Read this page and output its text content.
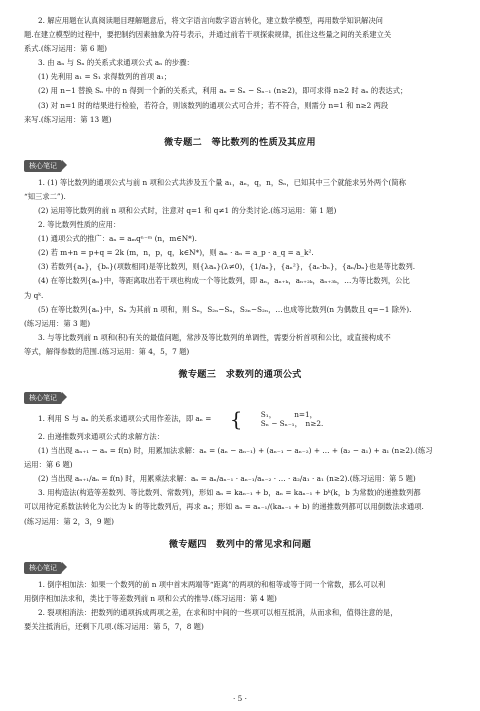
2. 解应用题在认真阅读题目理解题意后，将文字语言向数字语言转化，建立数学模型，再用数学知识解决问

题.在建立模型的过程中，要把制约因素抽象为符号表示，并通过前若干项探索规律，抓住这些量之间的关系建立关

系式.(练习运用：第 6 题)

3. 由 aₙ 与 Sₙ 的关系式求通项公式 aₙ 的步骤：

(1) 先利用 a₁ = S₁ 求得数列的首项 a₁；

(2) 用 n−1 替换 Sₙ 中的 n 得到一个新的关系式，利用 aₙ = Sₙ − Sₙ₋₁ (n≥2)，即可求得 n≥2 时 aₙ 的表达式；

(3) 对 n=1 时的结果进行检验，若符合，则该数列的通项公式可合并；若不符合，则需分 n=1 和 n≥2 两段

来写.(练习运用：第 13 题)

微专题二　等比数列的性质及其应用
核心笔记

1. (1) 等比数列的通项公式与前 n 项和公式共涉及五个量 a₁，aₙ，q，n，Sₙ，已知其中三个就能求另外两个(简称

“知三求二”).

(2) 运用等比数列的前 n 项和公式时，注意对 q=1 和 q≠1 的分类讨论.(练习运用：第 1 题)

2. 等比数列性质的应用：

(1) 通项公式的推广：aₙ = aₘqⁿ⁻ᵐ (n，m∈N*).

(2) 若 m+n = p+q = 2k (m，n，p，q，k∈N*)，则 aₘ · aₙ = a_p · a_q = a_k².

(3) 若数列{aₙ}，{bₙ}(项数相同)是等比数列，则{λaₙ}(λ≠0)，{1/aₙ}，{aₙ²}，{aₙ·bₙ}，{aₙ/bₙ}也是等比数列.

(4) 在等比数列{aₙ}中，等距离取出若干项也构成一个等比数列，即 aₙ，aₙ₊ₖ，aₙ₊₂ₖ，aₙ₊₃ₖ，…为等比数列，公比

为 qᵏ.

(5) 在等比数列{aₙ}中，Sₙ 为其前 n 项和，则 Sₙ，S₂ₙ−Sₙ，S₃ₙ−S₂ₙ，…也成等比数列(n 为偶数且 q=−1 除外).

(练习运用：第 3 题)

3. 与等比数列前 n 项和(积)有关的最值问题，常涉及等比数列的单调性，需要分析首项和公比，或直接构成不

等式，解得参数的范围.(练习运用：第 4，5，7 题)

微专题三　求数列的通项公式
核心笔记
1. 利用 S 与 aₙ 的关系求通项公式用作差法，即 aₙ = {	S₁，　　　n=1，
Sₙ − Sₙ₋₁，　n≥2.

2. 由递推数列求通项公式的求解方法：

(1) 当出现 aₙ₊₁ − aₙ = f(n) 时，用累加法求解：aₙ = (aₙ − aₙ₋₁) + (aₙ₋₁ − aₙ₋₂) + … + (a₂ − a₁) + a₁ (n≥2).(练习

运用：第 6 题)

(2) 当出现 aₙ₊₁/aₙ = f(n) 时，用累乘法求解：aₙ = aₙ/aₙ₋₁ · aₙ₋₁/aₙ₋₂ · … · a₂/a₁ · a₁ (n≥2).(练习运用：第 5 题)

3. 用构造法(构造等差数列、等比数列、常数列)，形如 aₙ = kaₙ₋₁ + b，aₙ = kaₙ₋₁ + bᵏ(k，b 为常数)的递推数列都

可以用待定系数法转化为公比为 k 的等比数列后，再求 aₙ；形如 aₙ = aₙ₋₁/(kaₙ₋₁ + b) 的递推数列都可以用倒数法求通项.

(练习运用：第 2，3，9 题)

微专题四　数列中的常见求和问题
核心笔记

1. 倒序相加法：如果一个数列的前 n 项中首末两端等“距离”的两项的和相等或等于同一个常数，那么可以利

用倒序相加法求和，类比于等差数列前 n 项和公式的推导.(练习运用：第 4 题)

2. 裂项相消法：把数列的通项拆成两项之差，在求和时中间的一些项可以相互抵消，从而求和，值得注意的是，

要关注抵消后，还剩下几项.(练习运用：第 5，7，8 题)

· 5 ·
